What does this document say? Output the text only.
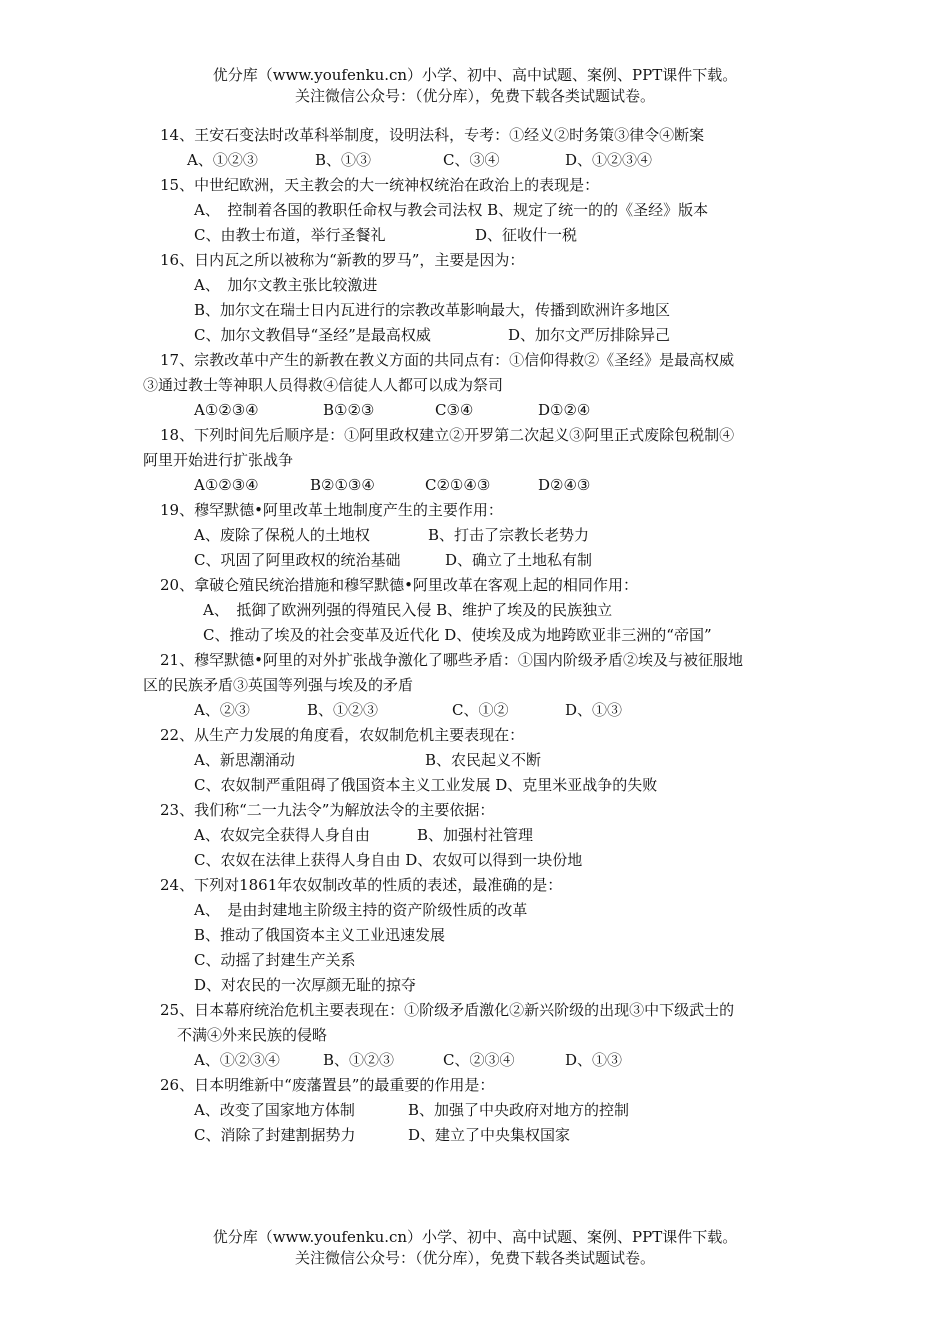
优分库（www.youfenku.cn）小学、初中、高中试题、案例、PPT课件下载。
关注微信公众号：（优分库），免费下载各类试题试卷。
14、王安石变法时改革科举制度，设明法科，专考：①经义②时务策③律令④断案
A、①②③	B、①③	C、③④	D、①②③④
15、中世纪欧洲，天主教会的大一统神权统治在政治上的表现是：
A、　控制着各国的教职任命权与教会司法权 B、规定了统一的的《圣经》版本
C、由教士布道，举行圣餐礼	D、征收什一税
16、日内瓦之所以被称为“新教的罗马”，主要是因为：
A、　加尔文教主张比较激进
B、加尔文在瑞士日内瓦进行的宗教改革影响最大，传播到欧洲许多地区
C、加尔文教倡导“圣经”是最高权威	D、加尔文严厉排除异己
17、宗教改革中产生的新教在教义方面的共同点有：①信仰得救②《圣经》是最高权威
③通过教士等神职人员得救④信徒人人都可以成为祭司
A①②③④	B①②③	C③④	D①②④
18、下列时间先后顺序是：①阿里政权建立②开罗第二次起义③阿里正式废除包税制④
阿里开始进行扩张战争
A①②③④	B②①③④	C②①④③	D②④③
19、穆罕默德•阿里改革土地制度产生的主要作用：
A、废除了保税人的土地权	B、打击了宗教长老势力
C、巩固了阿里政权的统治基础	D、确立了土地私有制
20、拿破仑殖民统治措施和穆罕默德•阿里改革在客观上起的相同作用：
A、　抵御了欧洲列强的得殖民入侵 B、维护了埃及的民族独立
C、推动了埃及的社会变革及近代化 D、使埃及成为地跨欧亚非三洲的“帝国”
21、穆罕默德•阿里的对外扩张战争激化了哪些矛盾：①国内阶级矛盾②埃及与被征服地
区的民族矛盾③英国等列强与埃及的矛盾
A、②③	B、①②③	C、①②	D、①③
22、从生产力发展的角度看，农奴制危机主要表现在：
A、新思潮涌动	B、农民起义不断
C、农奴制严重阻碍了俄国资本主义工业发展 D、克里米亚战争的失败
23、我们称“二一九法令”为解放法令的主要依据：
A、农奴完全获得人身自由	B、加强村社管理
C、农奴在法律上获得人身自由 D、农奴可以得到一块份地
24、下列对1861年农奴制改革的性质的表述，最准确的是：
A、　是由封建地主阶级主持的资产阶级性质的改革
B、推动了俄国资本主义工业迅速发展
C、动摇了封建生产关系
D、对农民的一次厚颜无耻的掠夺
25、日本幕府统治危机主要表现在：①阶级矛盾激化②新兴阶级的出现③中下级武士的
不满④外来民族的侵略
A、①②③④	B、①②③	C、②③④	D、①③
26、日本明维新中“废藩置县”的最重要的作用是：
A、改变了国家地方体制	B、加强了中央政府对地方的控制
C、消除了封建割据势力	D、建立了中央集权国家
优分库（www.youfenku.cn）小学、初中、高中试题、案例、PPT课件下载。
关注微信公众号：（优分库），免费下载各类试题试卷。
